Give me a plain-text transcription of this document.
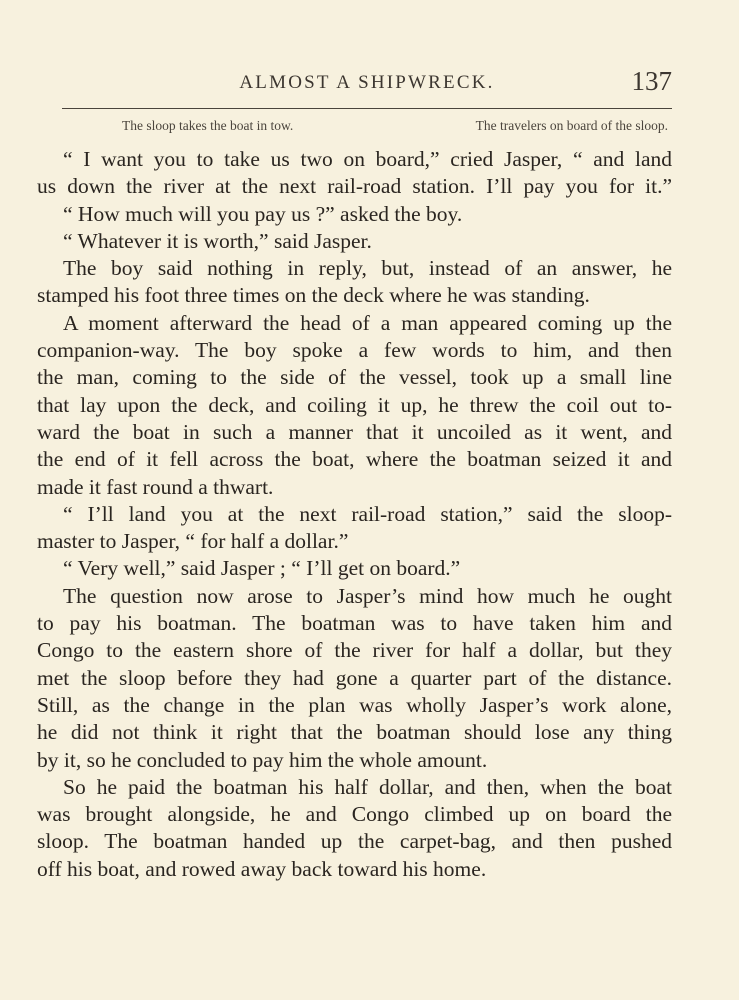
ALMOST A SHIPWRECK.	137
The sloop takes the boat in tow.	The travelers on board of the sloop.
“ I want you to take us two on board,” cried Jasper, “ and land
us down the river at the next rail-road station. I’ll pay you for it.”
“ How much will you pay us ?” asked the boy.
“ Whatever it is worth,” said Jasper.
The boy said nothing in reply, but, instead of an answer, he
stamped his foot three times on the deck where he was standing.
A moment afterward the head of a man appeared coming up the
companion-way. The boy spoke a few words to him, and then
the man, coming to the side of the vessel, took up a small line
that lay upon the deck, and coiling it up, he threw the coil out to-
ward the boat in such a manner that it uncoiled as it went, and
the end of it fell across the boat, where the boatman seized it and
made it fast round a thwart.
“ I’ll land you at the next rail-road station,” said the sloop-
master to Jasper, “ for half a dollar.”
“ Very well,” said Jasper ; “ I’ll get on board.”
The question now arose to Jasper’s mind how much he ought
to pay his boatman. The boatman was to have taken him and
Congo to the eastern shore of the river for half a dollar, but they
met the sloop before they had gone a quarter part of the distance.
Still, as the change in the plan was wholly Jasper’s work alone,
he did not think it right that the boatman should lose any thing
by it, so he concluded to pay him the whole amount.
So he paid the boatman his half dollar, and then, when the boat
was brought alongside, he and Congo climbed up on board the
sloop. The boatman handed up the carpet-bag, and then pushed
off his boat, and rowed away back toward his home.
